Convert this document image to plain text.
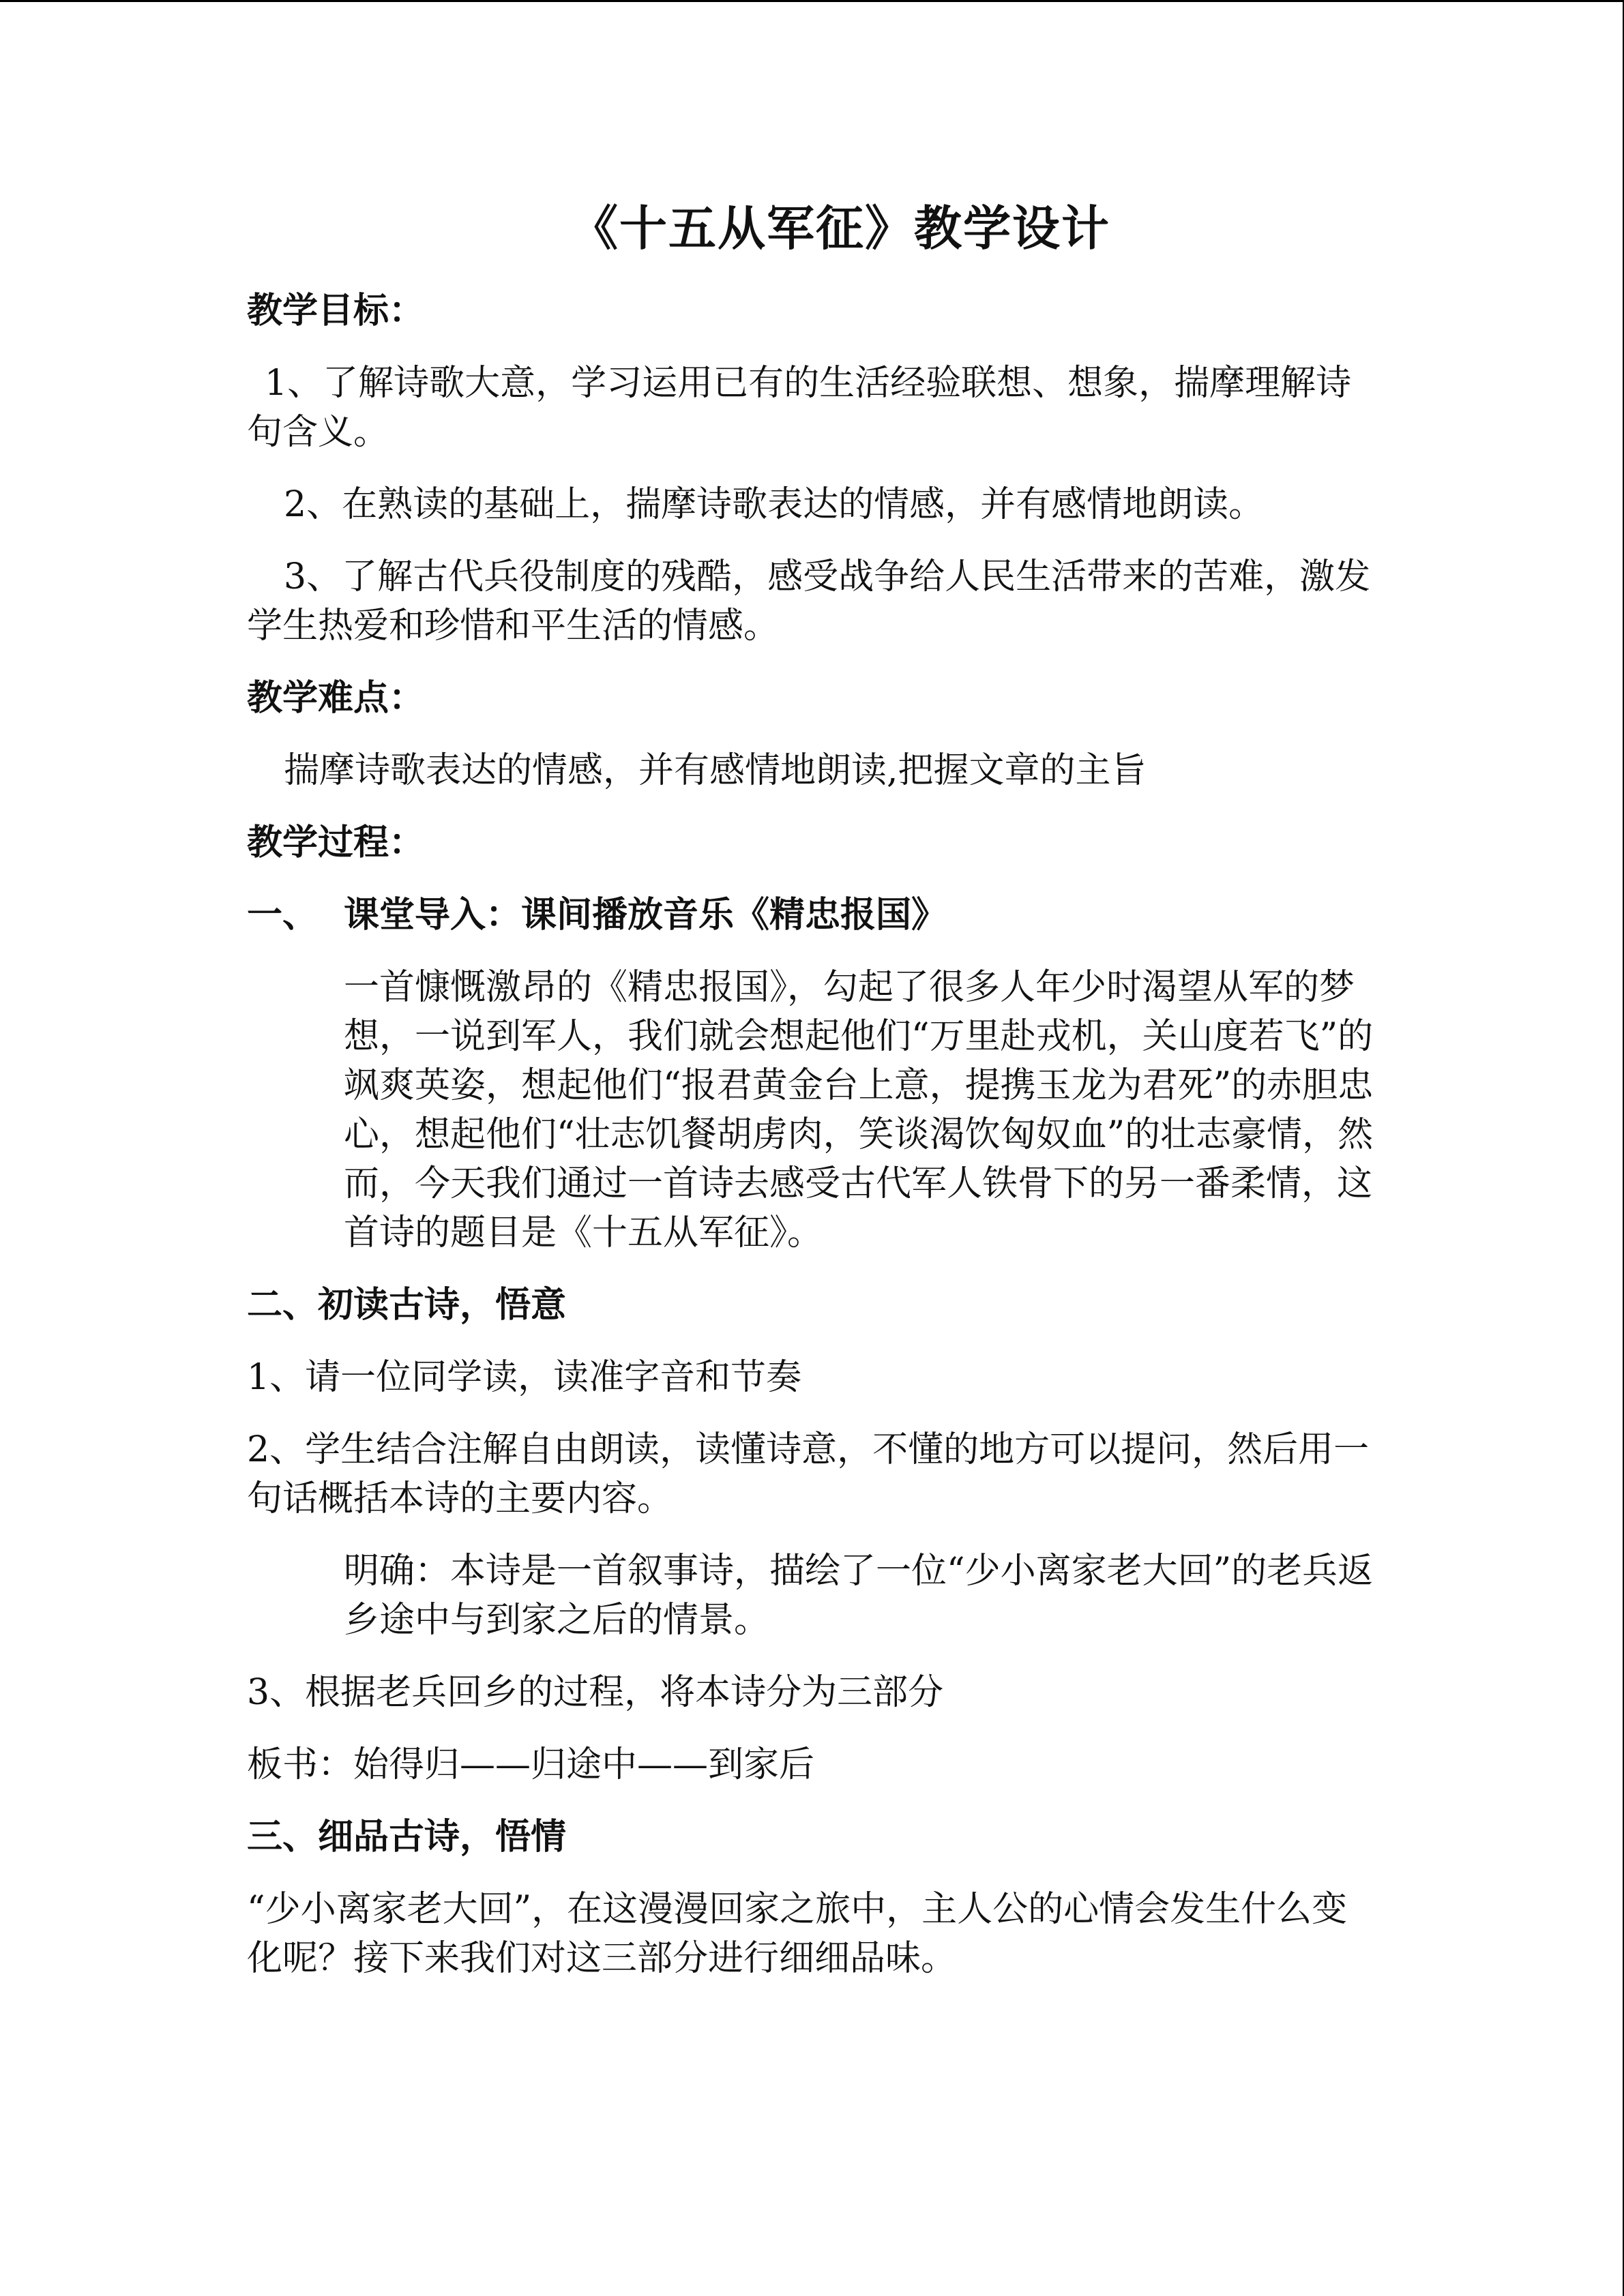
《十五从军征》教学设计
教学目标：

1、了解诗歌大意，学习运用已有的生活经验联想、想象，揣摩理解诗句含义。

2、在熟读的基础上，揣摩诗歌表达的情感，并有感情地朗读。

3、了解古代兵役制度的残酷，感受战争给人民生活带来的苦难，激发学生热爱和珍惜和平生活的情感。

教学难点：

揣摩诗歌表达的情感，并有感情地朗读,把握文章的主旨

教学过程：
一、 课堂导入：课间播放音乐《精忠报国》

一首慷慨激昂的《精忠报国》，勾起了很多人年少时渴望从军的梦想，一说到军人，我们就会想起他们“万里赴戎机，关山度若飞”的飒爽英姿，想起他们“报君黄金台上意，提携玉龙为君死”的赤胆忠心，想起他们“壮志饥餐胡虏肉，笑谈渴饮匈奴血”的壮志豪情，然而，今天我们通过一首诗去感受古代军人铁骨下的另一番柔情，这首诗的题目是《十五从军征》。

二、初读古诗，悟意

1、请一位同学读，读准字音和节奏

2、学生结合注解自由朗读，读懂诗意，不懂的地方可以提问，然后用一句话概括本诗的主要内容。

明确：本诗是一首叙事诗，描绘了一位“少小离家老大回”的老兵返乡途中与到家之后的情景。

3、根据老兵回乡的过程，将本诗分为三部分

板书：始得归——归途中——到家后

三、细品古诗，悟情

“少小离家老大回”，在这漫漫回家之旅中，主人公的心情会发生什么变化呢？接下来我们对这三部分进行细细品味。
